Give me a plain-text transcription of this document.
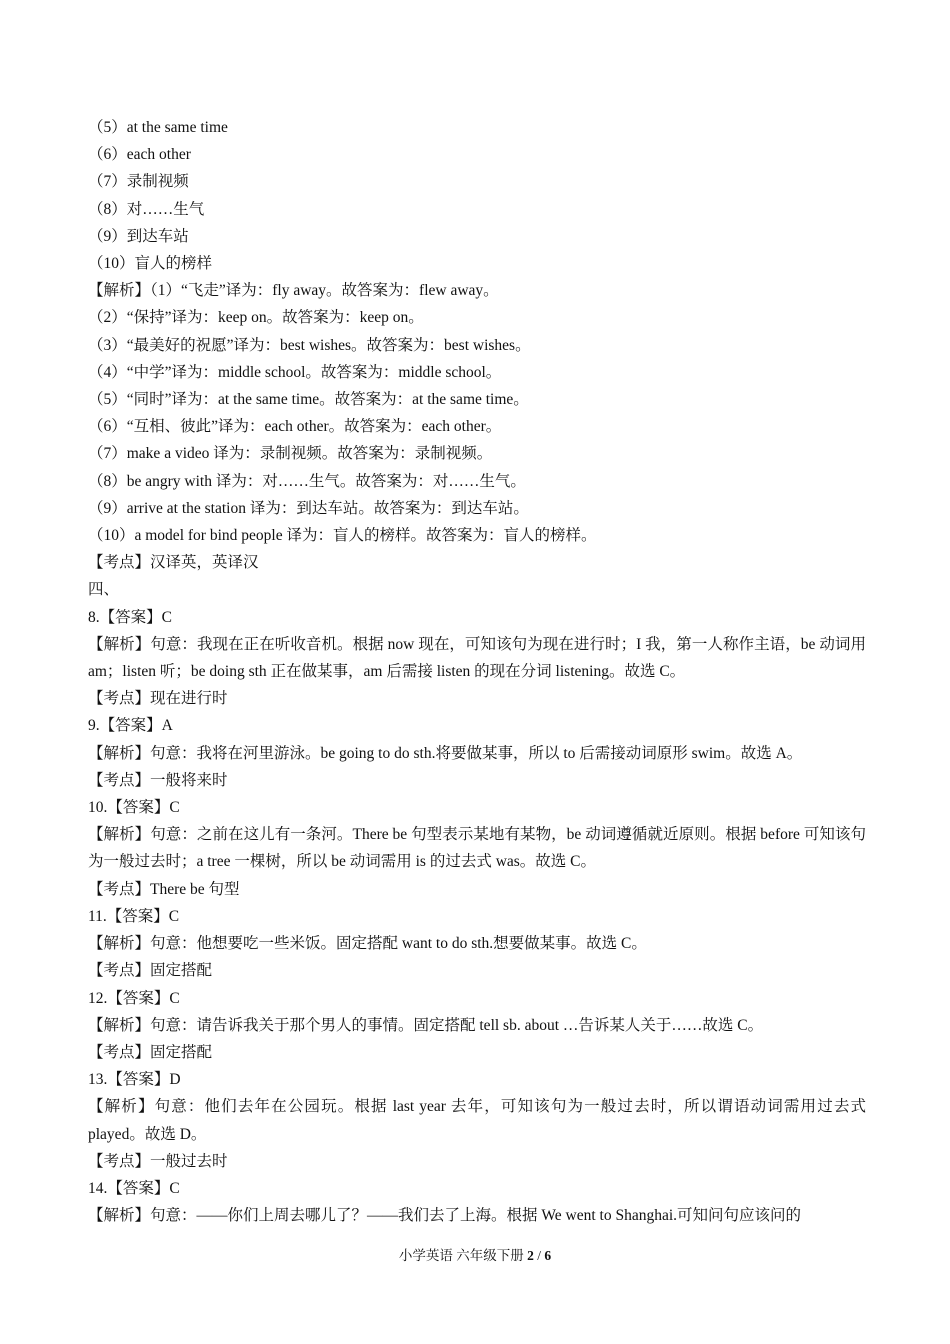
（5）at the same time
（6）each other
（7）录制视频
（8）对……生气
（9）到达车站
（10）盲人的榜样
【解析】（1）“飞走”译为：fly away。故答案为：flew away。
（2）“保持”译为：keep on。故答案为：keep on。
（3）“最美好的祝愿”译为：best wishes。故答案为：best wishes。
（4）“中学”译为：middle school。故答案为：middle school。
（5）“同时”译为：at the same time。故答案为：at the same time。
（6）“互相、彼此”译为：each other。故答案为：each other。
（7）make a video 译为：录制视频。故答案为：录制视频。
（8）be angry with 译为：对……生气。故答案为：对……生气。
（9）arrive at the station 译为：到达车站。故答案为：到达车站。
（10）a model for bind people 译为：盲人的榜样。故答案为：盲人的榜样。
【考点】汉译英，英译汉
四、
8.【答案】C
【解析】句意：我现在正在听收音机。根据 now 现在，可知该句为现在进行时；I 我，第一人称作主语，be 动词用 am；listen 听；be doing sth 正在做某事，am 后需接 listen 的现在分词 listening。故选 C。
【考点】现在进行时
9.【答案】A
【解析】句意：我将在河里游泳。be going to do sth.将要做某事，所以 to 后需接动词原形 swim。故选 A。
【考点】一般将来时
10.【答案】C
【解析】句意：之前在这儿有一条河。There be 句型表示某地有某物，be 动词遵循就近原则。根据 before 可知该句为一般过去时；a tree 一棵树，所以 be 动词需用 is 的过去式 was。故选 C。
【考点】There be 句型
11.【答案】C
【解析】句意：他想要吃一些米饭。固定搭配 want to do sth.想要做某事。故选 C。
【考点】固定搭配
12.【答案】C
【解析】句意：请告诉我关于那个男人的事情。固定搭配 tell sb. about …告诉某人关于……故选 C。
【考点】固定搭配
13.【答案】D
【解析】句意：他们去年在公园玩。根据 last year 去年，可知该句为一般过去时，所以谓语动词需用过去式 played。故选 D。
【考点】一般过去时
14.【答案】C
【解析】句意：——你们上周去哪儿了？——我们去了上海。根据 We went to Shanghai.可知问句应该问的
小学英语 六年级下册 2 / 6
